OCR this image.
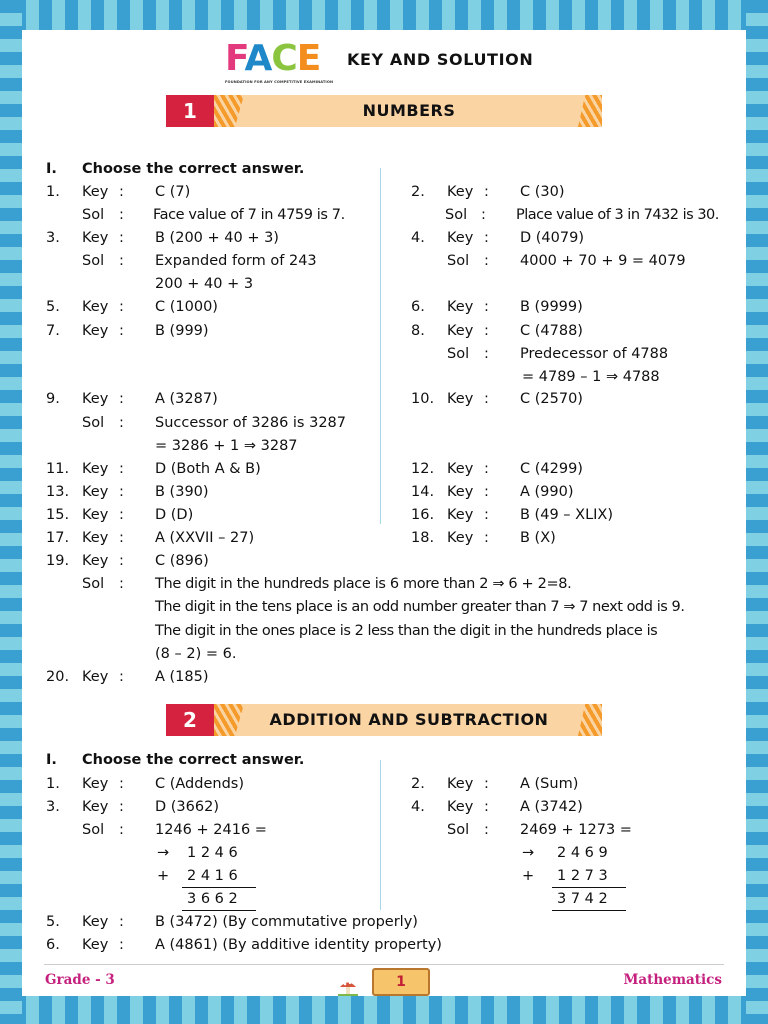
FACE
FOUNDATION FOR ANY COMPETITIVE EXAMINATION
KEY AND SOLUTION
1	NUMBERS
I. Choose the correct answer.
1. Key : C (7)
Sol : Face value of 7 in 4759 is 7.
3. Key : B (200 + 40 + 3)
Sol : Expanded form of 243
200 + 40 + 3
5. Key : C (1000)
7. Key : B (999)
9. Key : A (3287)
Sol : Successor of 3286 is 3287
= 3286 + 1 ⇒ 3287
11. Key : D (Both A & B)
13. Key : B (390)
15. Key : D (D)
17. Key : A (XXVII – 27)
19. Key : C (896)
Sol : The digit in the hundreds place is 6 more than 2 ⇒ 6 + 2=8.
The digit in the tens place is an odd number greater than 7 ⇒ 7 next odd is 9.
The digit in the ones place is 2 less than the digit in the hundreds place is
(8 – 2) = 6.
20. Key : A (185)
2. Key : C (30)
Sol : Place value of 3 in 7432 is 30.
4. Key : D (4079)
Sol : 4000 + 70 + 9 = 4079
6. Key : B (9999)
8. Key : C (4788)
Sol : Predecessor of 4788
= 4789 – 1 ⇒ 4788
10. Key : C (2570)
12. Key : C (4299)
14. Key : A (990)
16. Key : B (49 – XLIX)
18. Key : B (X)
2	ADDITION AND SUBTRACTION
I. Choose the correct answer.
1. Key : C (Addends)
3. Key : D (3662)
Sol : 1246 + 2416 =
→ 1 2 4 6
+ 2 4 1 6
3 6 6 2
5. Key : B (3472) (By commutative properly)
6. Key : A (4861) (By additive identity property)
2. Key : A (Sum)
4. Key : A (3742)
Sol : 2469 + 1273 =
→ 2 4 6 9
+ 1 2 7 3
3 7 4 2
Grade - 3	1	Mathematics
